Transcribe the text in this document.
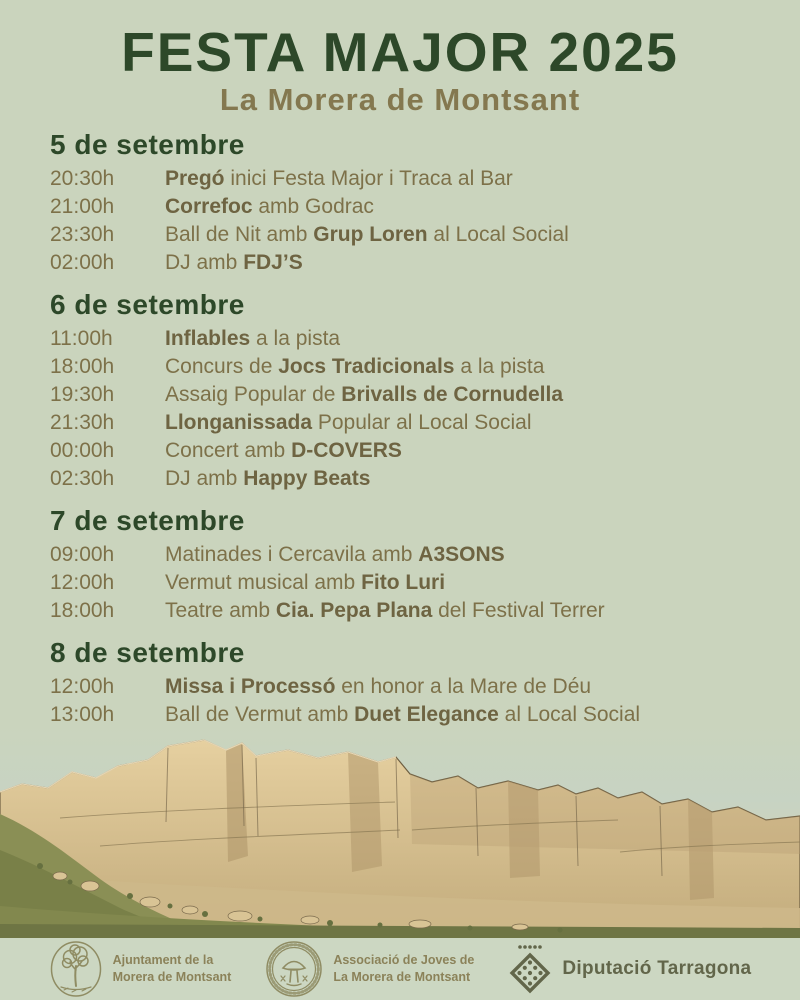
FESTA MAJOR 2025
La Morera de Montsant
5 de setembre
20:30h	Pregó inici Festa Major i Traca al Bar
21:00h	Correfoc amb Godrac
23:30h	Ball de Nit amb Grup Loren al Local Social
02:00h	DJ amb FDJ’S
6 de setembre
11:00h	Inflables a la pista
18:00h	Concurs de Jocs Tradicionals a la pista
19:30h	Assaig Popular de Brivalls de Cornudella
21:30h	Llonganissada Popular al Local Social
00:00h	Concert amb D-COVERS
02:30h	DJ amb Happy Beats
7 de setembre
09:00h	Matinades i Cercavila amb A3SONS
12:00h	Vermut musical amb Fito Luri
18:00h	Teatre amb Cia. Pepa Plana del Festival Terrer
8 de setembre
12:00h	Missa i Processó en honor a la Mare de Déu
13:00h	Ball de Vermut amb Duet Elegance al Local Social
Ajuntament de la
Morera de Montsant
Associació de Joves de
La Morera de Montsant	Diputació Tarragona
